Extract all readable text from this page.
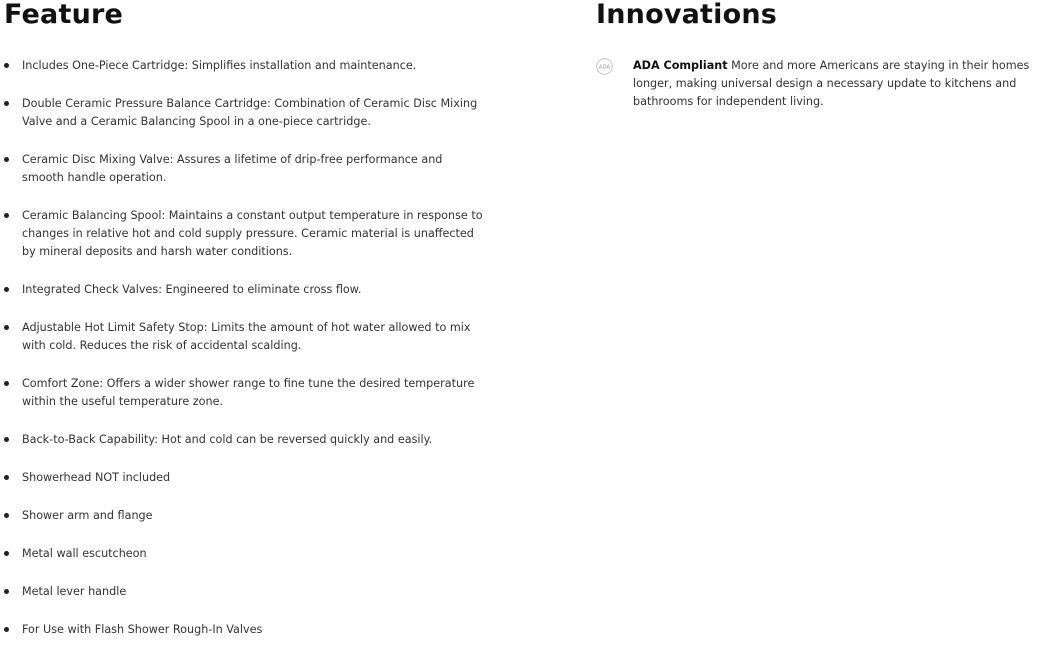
Feature
Includes One-Piece Cartridge: Simplifies installation and maintenance.
Double Ceramic Pressure Balance Cartridge: Combination of Ceramic Disc Mixing Valve and a Ceramic Balancing Spool in a one-piece cartridge.
Ceramic Disc Mixing Valve: Assures a lifetime of drip-free performance and smooth handle operation.
Ceramic Balancing Spool: Maintains a constant output temperature in response to changes in relative hot and cold supply pressure. Ceramic material is unaffected by mineral deposits and harsh water conditions.
Integrated Check Valves: Engineered to eliminate cross flow.
Adjustable Hot Limit Safety Stop: Limits the amount of hot water allowed to mix with cold. Reduces the risk of accidental scalding.
Comfort Zone: Offers a wider shower range to fine tune the desired temperature within the useful temperature zone.
Back-to-Back Capability: Hot and cold can be reversed quickly and easily.
Showerhead NOT included
Shower arm and flange
Metal wall escutcheon
Metal lever handle
For Use with Flash Shower Rough-In Valves
Innovations
ADA ADA Compliant More and more Americans are staying in their homes longer, making universal design a necessary update to kitchens and bathrooms for independent living.
